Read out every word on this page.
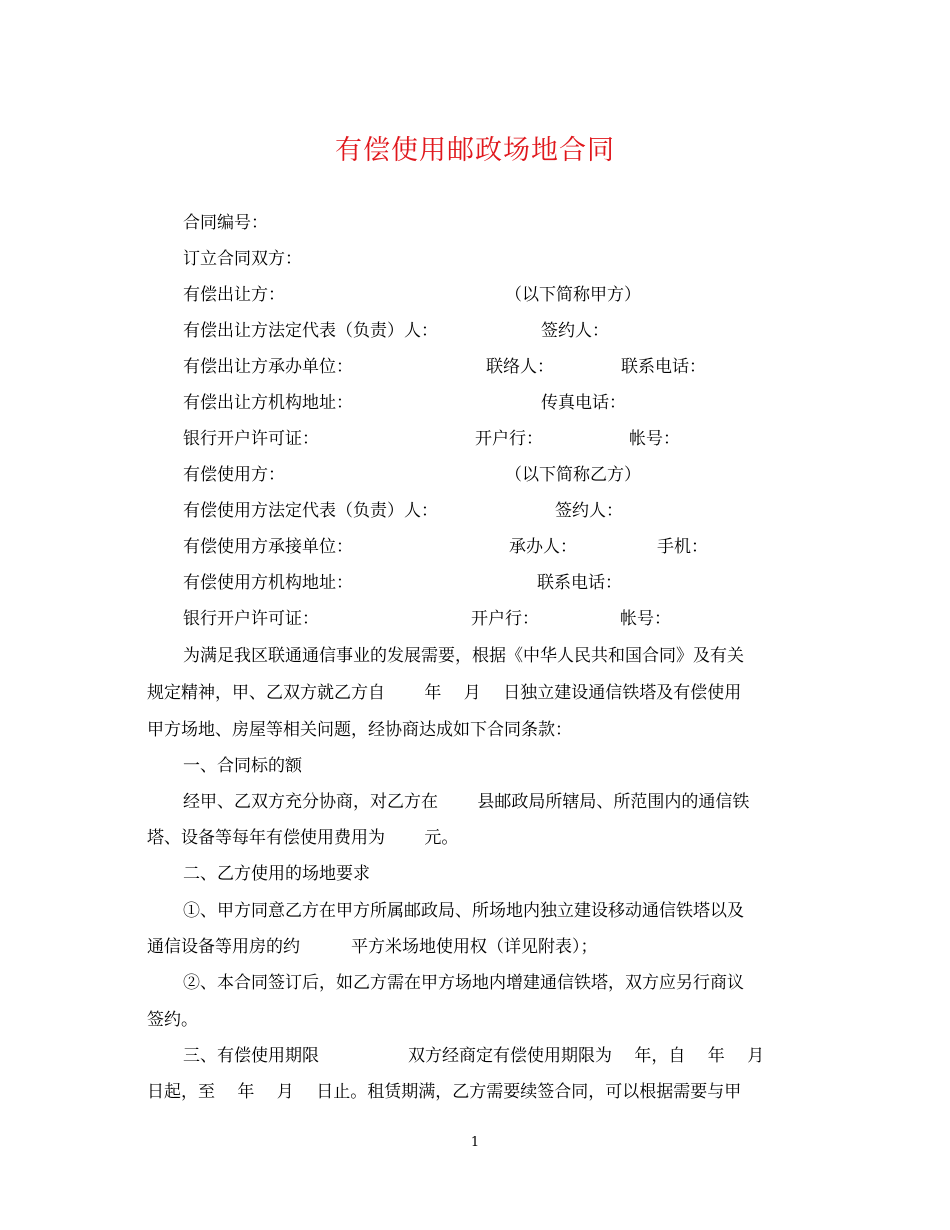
有偿使用邮政场地合同
合同编号：
订立合同双方：
有偿出让方：	（以下简称甲方）
有偿出让方法定代表（负责）人：	签约人：
有偿出让方承办单位：	联络人：	联系电话：
有偿出让方机构地址：	传真电话：
银行开户许可证：	开户行：	帐号：
有偿使用方：	（以下简称乙方）
有偿使用方法定代表（负责）人：	签约人：
有偿使用方承接单位：	承办人：	手机：
有偿使用方机构地址：	联系电话：
银行开户许可证：	开户行：	帐号：
为满足我区联通通信事业的发展需要，根据《中华人民共和国合同》及有关
规定精神，甲、乙双方就乙方自　　 年　 月　 日独立建设通信铁塔及有偿使用
甲方场地、房屋等相关问题，经协商达成如下合同条款：
一、合同标的额
经甲、乙双方充分协商，对乙方在　　 县邮政局所辖局、所范围内的通信铁
塔、设备等每年有偿使用费用为　　 元。
二、乙方使用的场地要求
①、甲方同意乙方在甲方所属邮政局、所场地内独立建设移动通信铁塔以及
通信设备等用房的约　　　平方米场地使用权（详见附表）；
②、本合同签订后，如乙方需在甲方场地内增建通信铁塔，双方应另行商议
签约。
三、有偿使用期限	双方经商定有偿使用期限为　 年，自　 年　 月
日起，至　 年　 月　 日止。租赁期满，乙方需要续签合同，可以根据需要与甲
1
